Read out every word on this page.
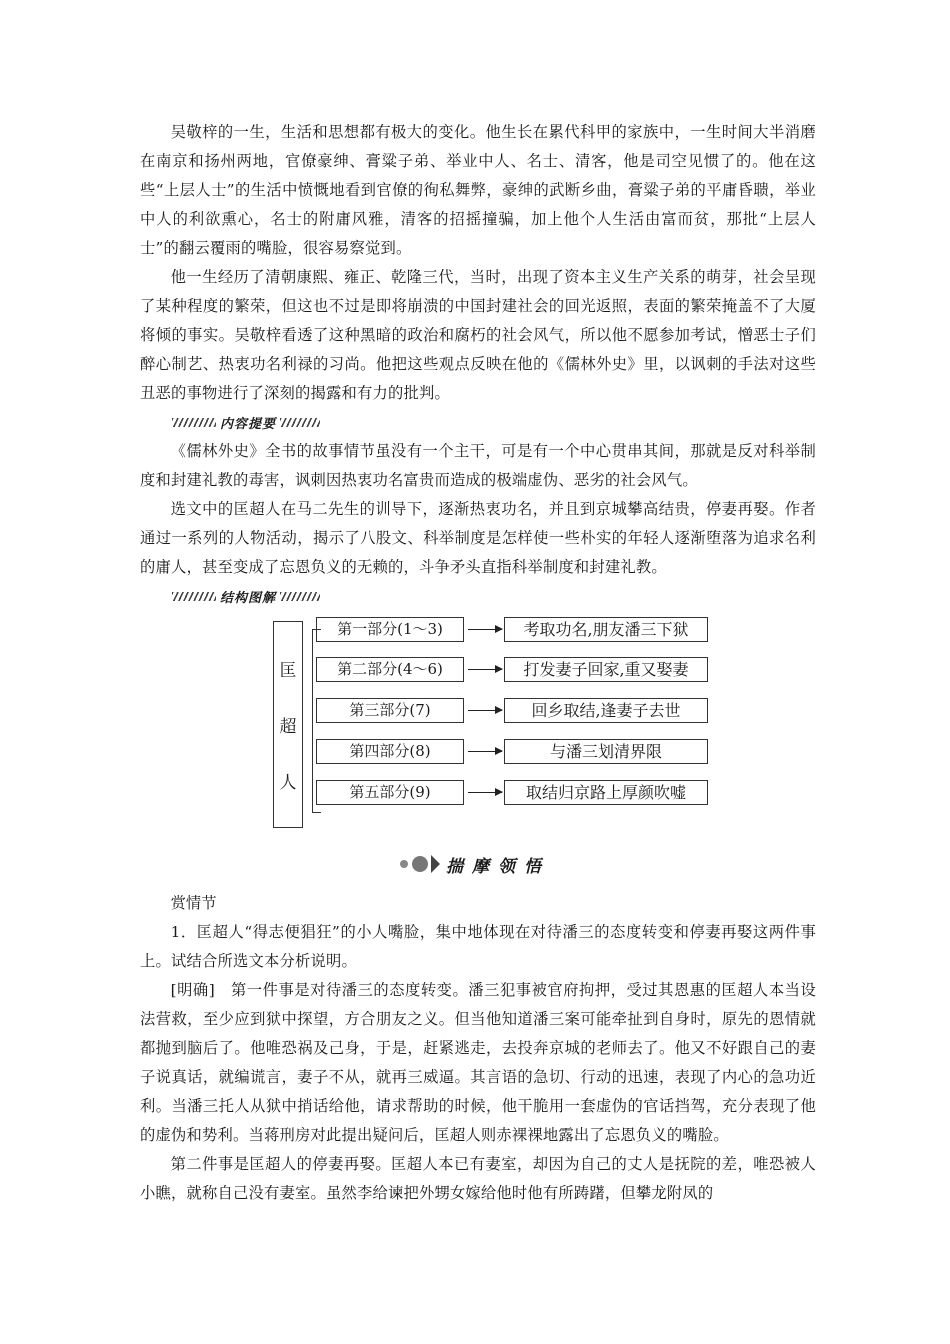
吴敬梓的一生，生活和思想都有极大的变化。他生长在累代科甲的家族中，一生时间大半消磨在南京和扬州两地，官僚豪绅、膏粱子弟、举业中人、名士、清客，他是司空见惯了的。他在这些“上层人士”的生活中愤慨地看到官僚的徇私舞弊，豪绅的武断乡曲，膏粱子弟的平庸昏聩，举业中人的利欲熏心，名士的附庸风雅，清客的招摇撞骗，加上他个人生活由富而贫，那批“上层人士”的翻云覆雨的嘴脸，很容易察觉到。

他一生经历了清朝康熙、雍正、乾隆三代，当时，出现了资本主义生产关系的萌芽，社会呈现了某种程度的繁荣，但这也不过是即将崩溃的中国封建社会的回光返照，表面的繁荣掩盖不了大厦将倾的事实。吴敬梓看透了这种黑暗的政治和腐朽的社会风气，所以他不愿参加考试，憎恶士子们醉心制艺、热衷功名利禄的习尚。他把这些观点反映在他的《儒林外史》里，以讽刺的手法对这些丑恶的事物进行了深刻的揭露和有力的批判。

内容提要

《儒林外史》全书的故事情节虽没有一个主干，可是有一个中心贯串其间，那就是反对科举制度和封建礼教的毒害，讽刺因热衷功名富贵而造成的极端虚伪、恶劣的社会风气。

选文中的匡超人在马二先生的训导下，逐渐热衷功名，并且到京城攀高结贵，停妻再娶。作者通过一系列的人物活动，揭示了八股文、科举制度是怎样使一些朴实的年轻人逐渐堕落为追求名利的庸人，甚至变成了忘恩负义的无赖的，斗争矛头直指科举制度和封建礼教。

结构图解
匡
超
人
第一部分(1～3)	考取功名,朋友潘三下狱
第二部分(4～6)	打发妻子回家,重又娶妻
第三部分(7)	回乡取结,逢妻子去世
第四部分(8)	与潘三划清界限
第五部分(9)	取结归京路上厚颜吹嘘
揣摩领悟

赏情节

1．匡超人“得志便猖狂”的小人嘴脸，集中地体现在对待潘三的态度转变和停妻再娶这两件事上。试结合所选文本分析说明。

[明确]　第一件事是对待潘三的态度转变。潘三犯事被官府拘押，受过其恩惠的匡超人本当设法营救，至少应到狱中探望，方合朋友之义。但当他知道潘三案可能牵扯到自身时，原先的恩情就都抛到脑后了。他唯恐祸及己身，于是，赶紧逃走，去投奔京城的老师去了。他又不好跟自己的妻子说真话，就编谎言，妻子不从，就再三威逼。其言语的急切、行动的迅速，表现了内心的急功近利。当潘三托人从狱中捎话给他，请求帮助的时候，他干脆用一套虚伪的官话挡驾，充分表现了他的虚伪和势利。当蒋刑房对此提出疑问后，匡超人则赤裸裸地露出了忘恩负义的嘴脸。

第二件事是匡超人的停妻再娶。匡超人本已有妻室，却因为自己的丈人是抚院的差，唯恐被人小瞧，就称自己没有妻室。虽然李给谏把外甥女嫁给他时他有所踌躇，但攀龙附凤的
